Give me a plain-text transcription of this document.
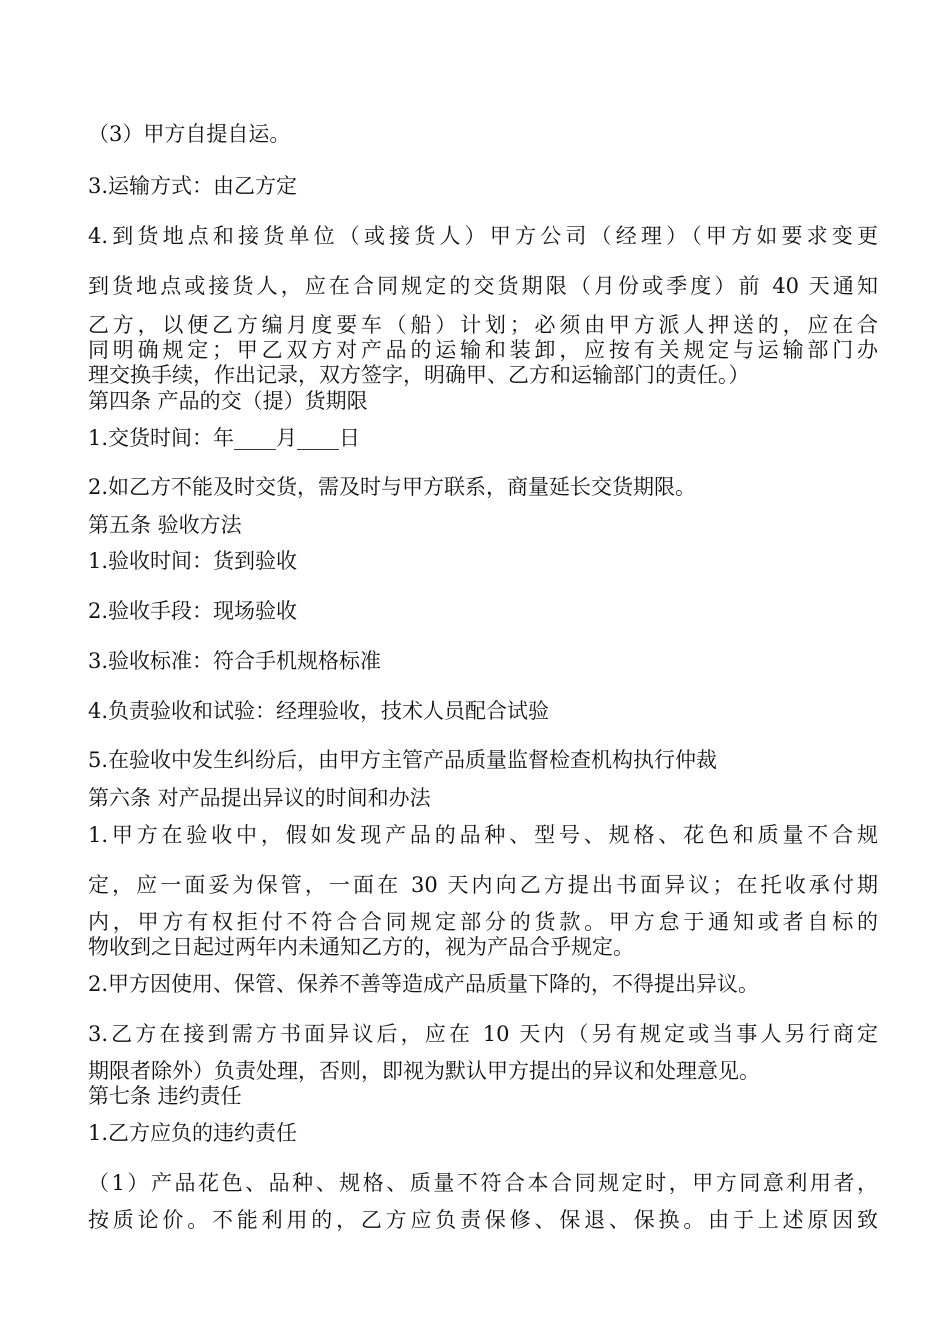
（3）甲方自提自运。
3.运输方式：由乙方定
4.到货地点和接货单位（或接货人）甲方公司（经理）（甲方如要求变更
到货地点或接货人，应在合同规定的交货期限（月份或季度）前 40 天通知
乙方，以便乙方编月度要车（船）计划；必须由甲方派人押送的，应在合
同明确规定；甲乙双方对产品的运输和装卸，应按有关规定与运输部门办
理交换手续，作出记录，双方签字，明确甲、乙方和运输部门的责任。）
第四条 产品的交（提）货期限
1.交货时间：年____月____日
2.如乙方不能及时交货，需及时与甲方联系，商量延长交货期限。
第五条 验收方法
1.验收时间：货到验收
2.验收手段：现场验收
3.验收标准：符合手机规格标准
4.负责验收和试验：经理验收，技术人员配合试验
5.在验收中发生纠纷后，由甲方主管产品质量监督检查机构执行仲裁
第六条 对产品提出异议的时间和办法
1.甲方在验收中，假如发现产品的品种、型号、规格、花色和质量不合规
定，应一面妥为保管，一面在 30 天内向乙方提出书面异议；在托收承付期
内，甲方有权拒付不符合合同规定部分的货款。甲方怠于通知或者自标的
物收到之日起过两年内未通知乙方的，视为产品合乎规定。
2.甲方因使用、保管、保养不善等造成产品质量下降的，不得提出异议。
3.乙方在接到需方书面异议后，应在 10 天内（另有规定或当事人另行商定
期限者除外）负责处理，否则，即视为默认甲方提出的异议和处理意见。
第七条 违约责任
1.乙方应负的违约责任
（1）产品花色、品种、规格、质量不符合本合同规定时，甲方同意利用者，
按质论价。不能利用的，乙方应负责保修、保退、保换。由于上述原因致
